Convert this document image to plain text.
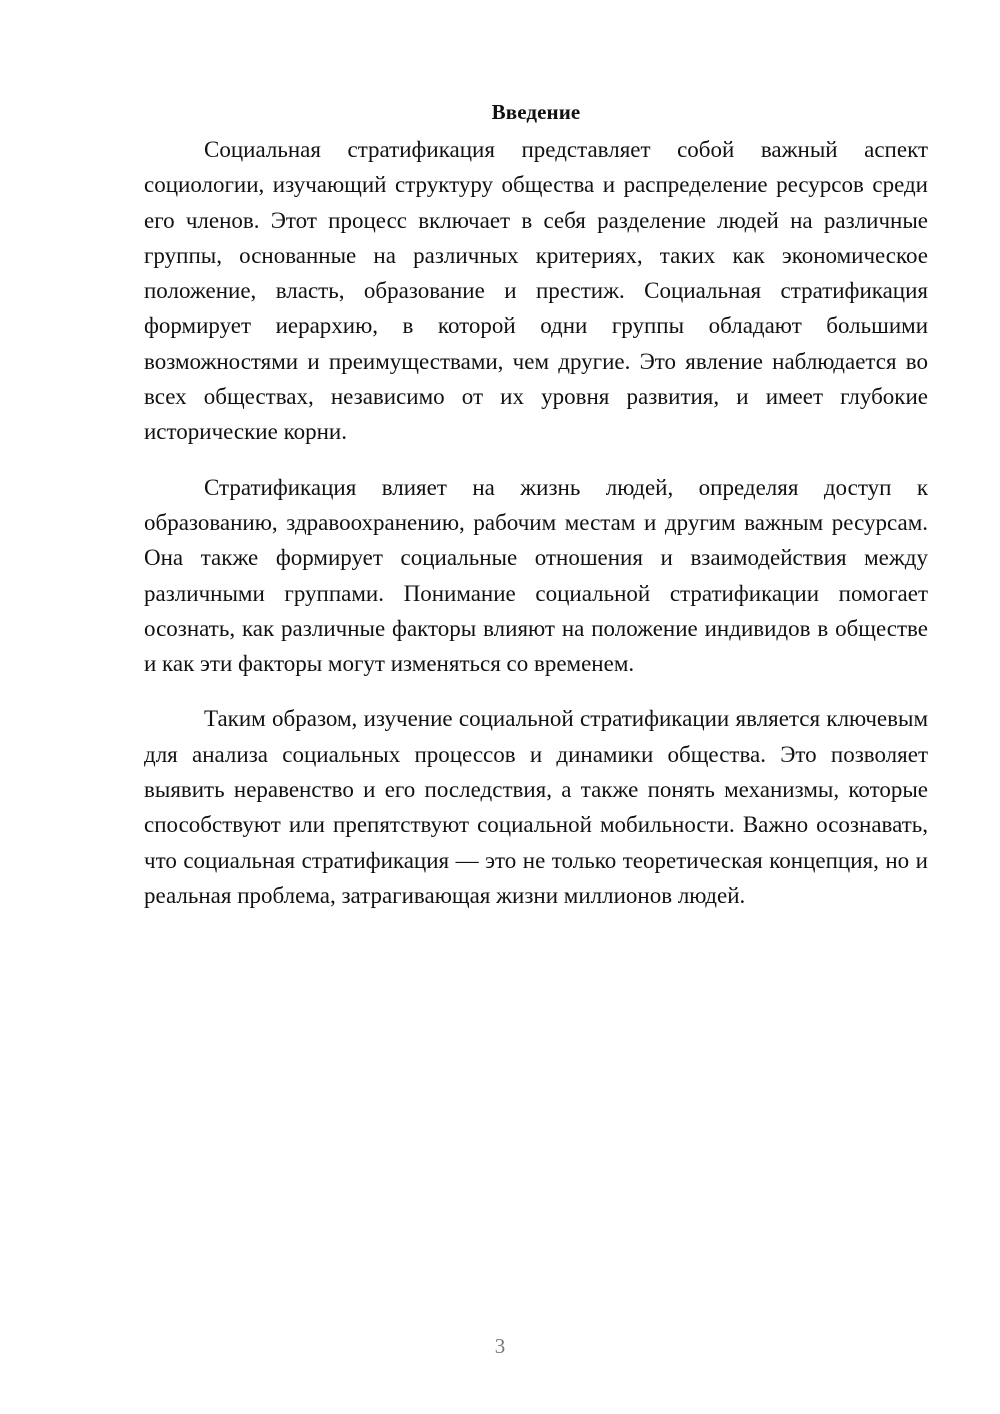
Введение

Социальная стратификация представляет собой важный аспект социологии, изучающий структуру общества и распределение ресурсов среди его членов. Этот процесс включает в себя разделение людей на различные группы, основанные на различных критериях, таких как экономическое положение, власть, образование и престиж. Социальная стратификация формирует иерархию, в которой одни группы обладают большими возможностями и преимуществами, чем другие. Это явление наблюдается во всех обществах, независимо от их уровня развития, и имеет глубокие исторические корни.

Стратификация влияет на жизнь людей, определяя доступ к образованию, здравоохранению, рабочим местам и другим важным ресурсам. Она также формирует социальные отношения и взаимодействия между различными группами. Понимание социальной стратификации помогает осознать, как различные факторы влияют на положение индивидов в обществе и как эти факторы могут изменяться со временем.

Таким образом, изучение социальной стратификации является ключевым для анализа социальных процессов и динамики общества. Это позволяет выявить неравенство и его последствия, а также понять механизмы, которые способствуют или препятствуют социальной мобильности. Важно осознавать, что социальная стратификация — это не только теоретическая концепция, но и реальная проблема, затрагивающая жизни миллионов людей.

3
